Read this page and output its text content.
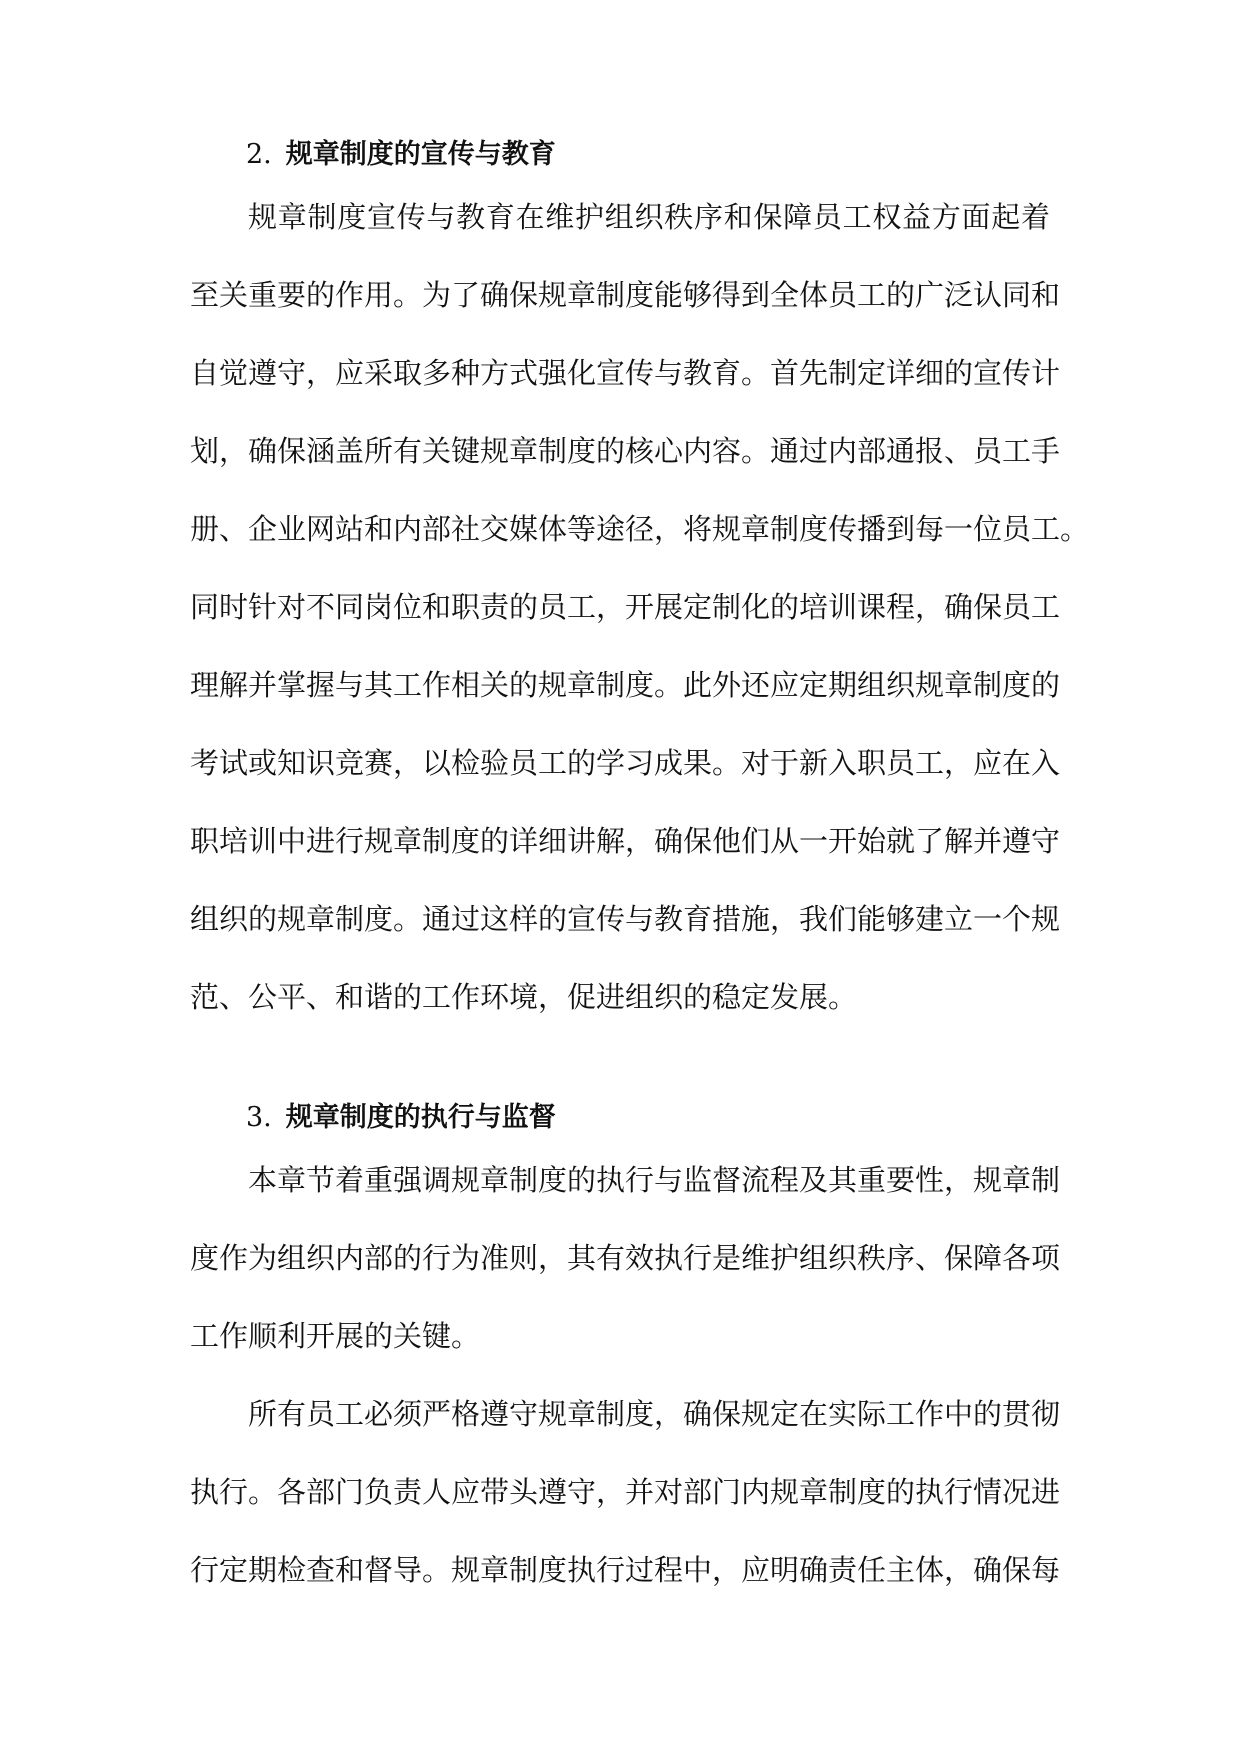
2. 规章制度的宣传与教育
规章制度宣传与教育在维护组织秩序和保障员工权益方面起着
至关重要的作用。为了确保规章制度能够得到全体员工的广泛认同和
自觉遵守，应采取多种方式强化宣传与教育。首先制定详细的宣传计
划，确保涵盖所有关键规章制度的核心内容。通过内部通报、员工手
册、企业网站和内部社交媒体等途径，将规章制度传播到每一位员工。
同时针对不同岗位和职责的员工，开展定制化的培训课程，确保员工
理解并掌握与其工作相关的规章制度。此外还应定期组织规章制度的
考试或知识竞赛，以检验员工的学习成果。对于新入职员工，应在入
职培训中进行规章制度的详细讲解，确保他们从一开始就了解并遵守
组织的规章制度。通过这样的宣传与教育措施，我们能够建立一个规
范、公平、和谐的工作环境，促进组织的稳定发展。
3. 规章制度的执行与监督
本章节着重强调规章制度的执行与监督流程及其重要性，规章制
度作为组织内部的行为准则，其有效执行是维护组织秩序、保障各项
工作顺利开展的关键。
所有员工必须严格遵守规章制度，确保规定在实际工作中的贯彻
执行。各部门负责人应带头遵守，并对部门内规章制度的执行情况进
行定期检查和督导。规章制度执行过程中，应明确责任主体，确保每
